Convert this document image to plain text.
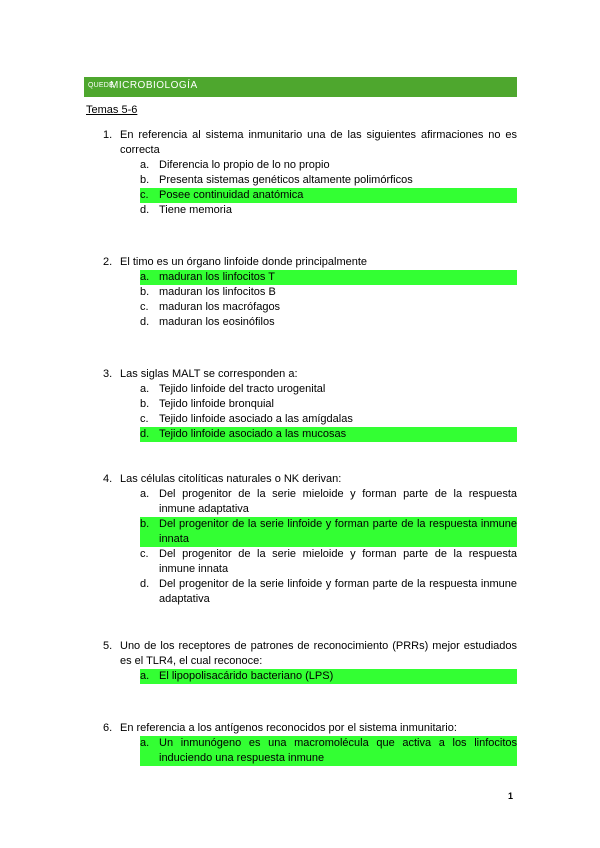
QUEDE
MICROBIOLOGÍA
Temas 5-6
1. En referencia al sistema inmunitario una de las siguientes afirmaciones no es correcta
a. Diferencia lo propio de lo no propio
b. Presenta sistemas genéticos altamente polimórficos
c. Posee continuidad anatómica
d. Tiene memoria
2. El timo es un órgano linfoide donde principalmente
a. maduran los linfocitos T
b. maduran los linfocitos B
c. maduran los macrófagos
d. maduran los eosinófilos
3. Las siglas MALT se corresponden a:
a. Tejido linfoide del tracto urogenital
b. Tejido linfoide bronquial
c. Tejido linfoide asociado a las amígdalas
d. Tejido linfoide asociado a las mucosas
4. Las células citolíticas naturales o NK derivan:
a. Del progenitor de la serie mieloide y forman parte de la respuesta inmune adaptativa
b. Del progenitor de la serie linfoide y forman parte de la respuesta inmune innata
c. Del progenitor de la serie mieloide y forman parte de la respuesta inmune innata
d. Del progenitor de la serie linfoide y forman parte de la respuesta inmune adaptativa
5. Uno de los receptores de patrones de reconocimiento (PRRs) mejor estudiados es el TLR4, el cual reconoce:
a. El lipopolisacárido bacteriano (LPS)
6. En referencia a los antígenos reconocidos por el sistema inmunitario:
a. Un inmunógeno es una macromolécula que activa a los linfocitos induciendo una respuesta inmune
1
